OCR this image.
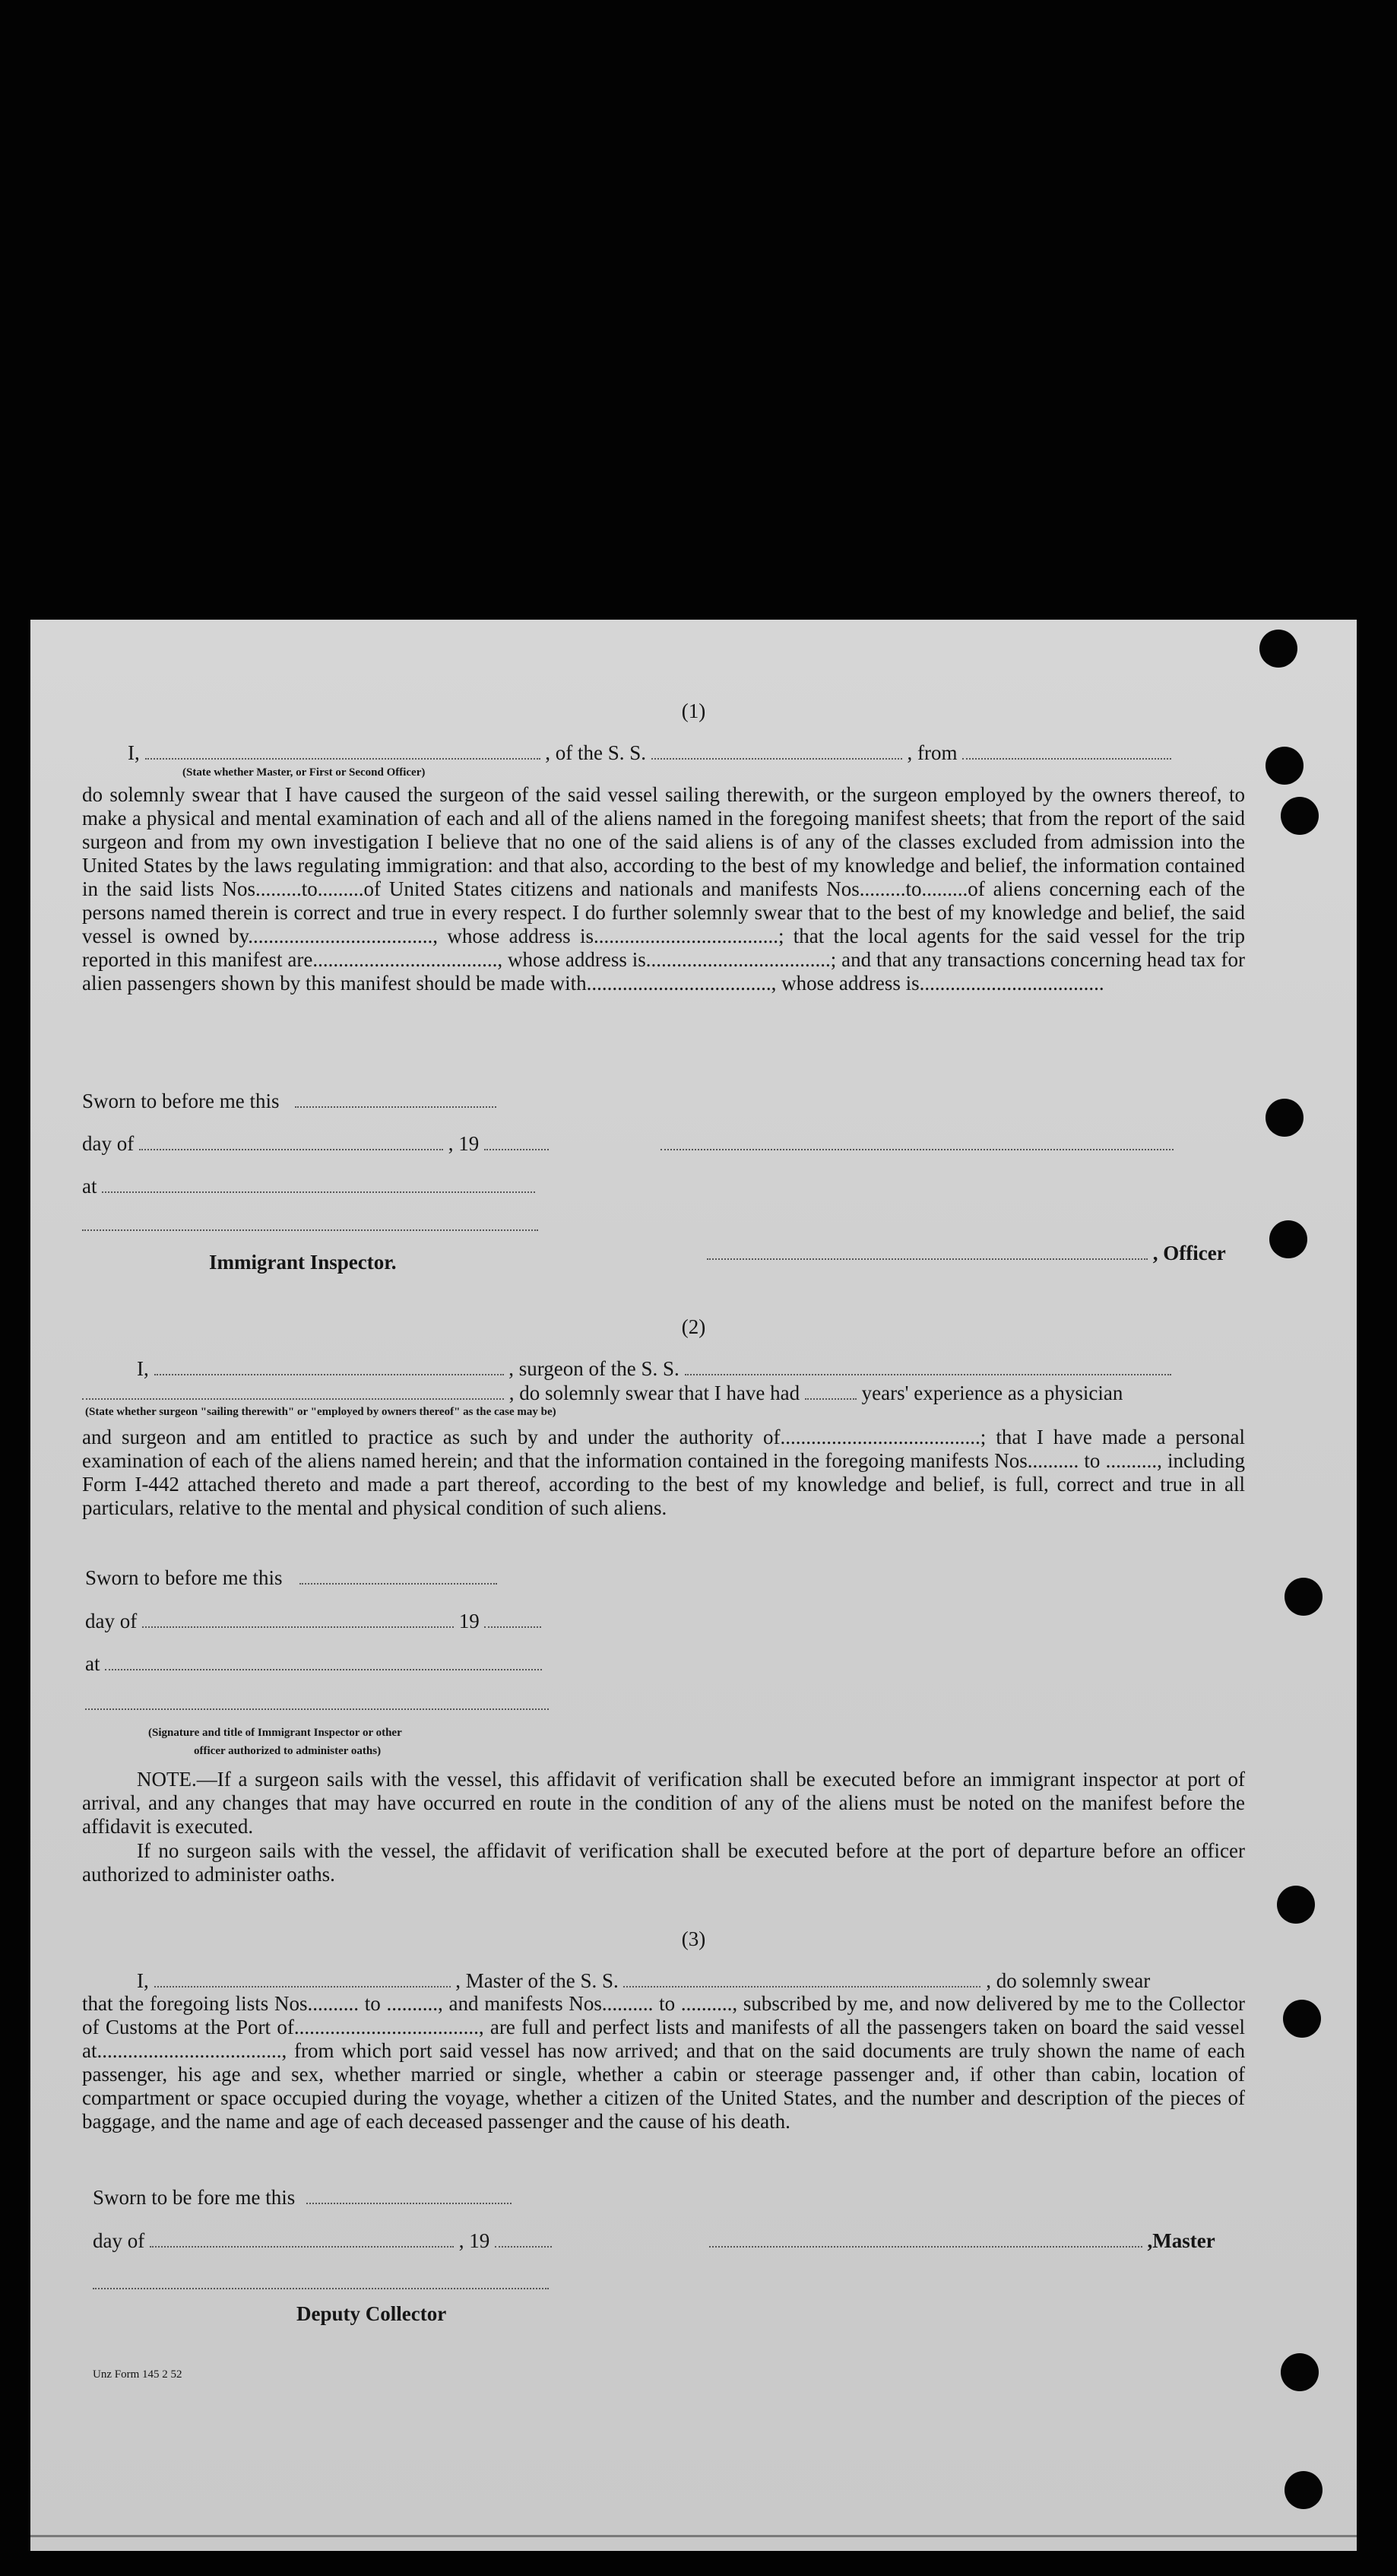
(1)
I,	, of the S. S.	, from
(State whether Master, or First or Second Officer)
do solemnly swear that I have caused the surgeon of the said vessel sailing therewith, or the surgeon employed by the owners thereof, to make a physical and mental examination of each and all of the aliens named in the foregoing manifest sheets; that from the report of the said surgeon and from my own investigation I believe that no one of the said aliens is of any of the classes excluded from admission into the United States by the laws regulating immigration: and that also, according to the best of my knowledge and belief, the information contained in the said lists Nos.........to.........of United States citizens and nationals and manifests Nos.........to.........of aliens concerning each of the persons named therein is correct and true in every respect. I do further solemnly swear that to the best of my knowledge and belief, the said vessel is owned by...................................., whose address is....................................; that the local agents for the said vessel for the trip reported in this manifest are...................................., whose address is....................................; and that any transactions concerning head tax for alien passengers shown by this manifest should be made with...................................., whose address is....................................
Sworn to before me this
day of	, 19
at
Immigrant Inspector.	, Officer
(2)
I,	, surgeon of the S. S.
, do solemnly swear that I have had	years' experience as a physician
(State whether surgeon "sailing therewith" or "employed by owners thereof" as the case may be)
and surgeon and am entitled to practice as such by and under the authority of.......................................; that I have made a personal examination of each of the aliens named herein; and that the information contained in the foregoing manifests Nos.......... to .........., including Form I-442 attached thereto and made a part thereof, according to the best of my knowledge and belief, is full, correct and true in all particulars, relative to the mental and physical condition of such aliens.
Sworn to before me this
day of	19
at
(Signature and title of Immigrant Inspector or other
officer authorized to administer oaths)
NOTE.—If a surgeon sails with the vessel, this affidavit of verification shall be executed before an immigrant inspector at port of arrival, and any changes that may have occurred en route in the condition of any of the aliens must be noted on the manifest before the affidavit is executed.
If no surgeon sails with the vessel, the affidavit of verification shall be executed before at the port of departure before an officer authorized to administer oaths.
(3)
I,	, Master of the S. S.	, do solemnly swear
that the foregoing lists Nos.......... to .........., and manifests Nos.......... to .........., subscribed by me, and now delivered by me to the Collector of Customs at the Port of...................................., are full and perfect lists and manifests of all the passengers taken on board the said vessel at...................................., from which port said vessel has now arrived; and that on the said documents are truly shown the name of each passenger, his age and sex, whether married or single, whether a cabin or steerage passenger and, if other than cabin, location of compartment or space occupied during the voyage, whether a citizen of the United States, and the number and description of the pieces of baggage, and the name and age of each deceased passenger and the cause of his death.
Sworn to be fore me this
day of	, 19	,Master
Deputy Collector
Unz Form 145 2 52
